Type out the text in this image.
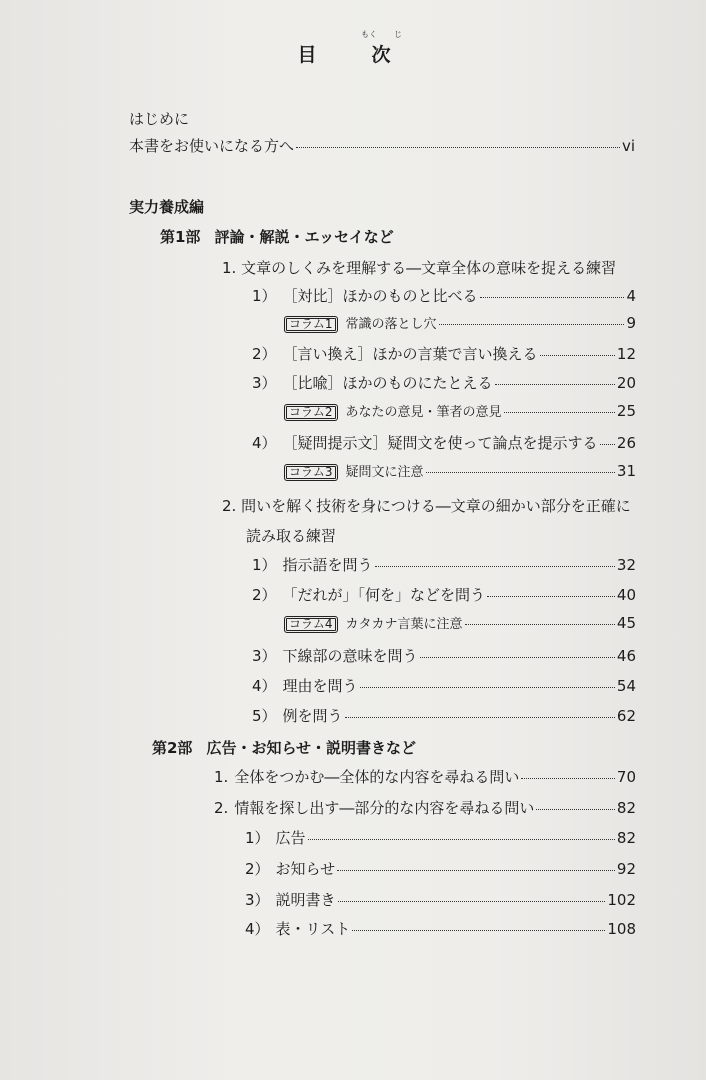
もく じ
目　次
はじめに
本書をお使いになる方へ	vi
実力養成編
第1部 評論・解説・エッセイなど
1. 文章のしくみを理解する―文章全体の意味を捉える練習
1） ［対比］ほかのものと比べる	4
コラム1	常識の落とし穴	9
2） ［言い換え］ほかの言葉で言い換える	12
3） ［比喩］ほかのものにたとえる	20
コラム2	あなたの意見・筆者の意見	25
4） ［疑問提示文］疑問文を使って論点を提示する 26
コラム3	疑問文に注意	31
2. 問いを解く技術を身につける―文章の細かい部分を正確に
読み取る練習
1） 指示語を問う	32
2） 「だれが」「何を」などを問う	40
コラム4	カタカナ言葉に注意	45
3） 下線部の意味を問う	46
4） 理由を問う	54
5） 例を問う	62
第2部 広告・お知らせ・説明書きなど
1. 全体をつかむ―全体的な内容を尋ねる問い	70
2. 情報を探し出す―部分的な内容を尋ねる問い	82
1） 広告	82
2） お知らせ	92
3） 説明書き	102
4） 表・リスト	108
